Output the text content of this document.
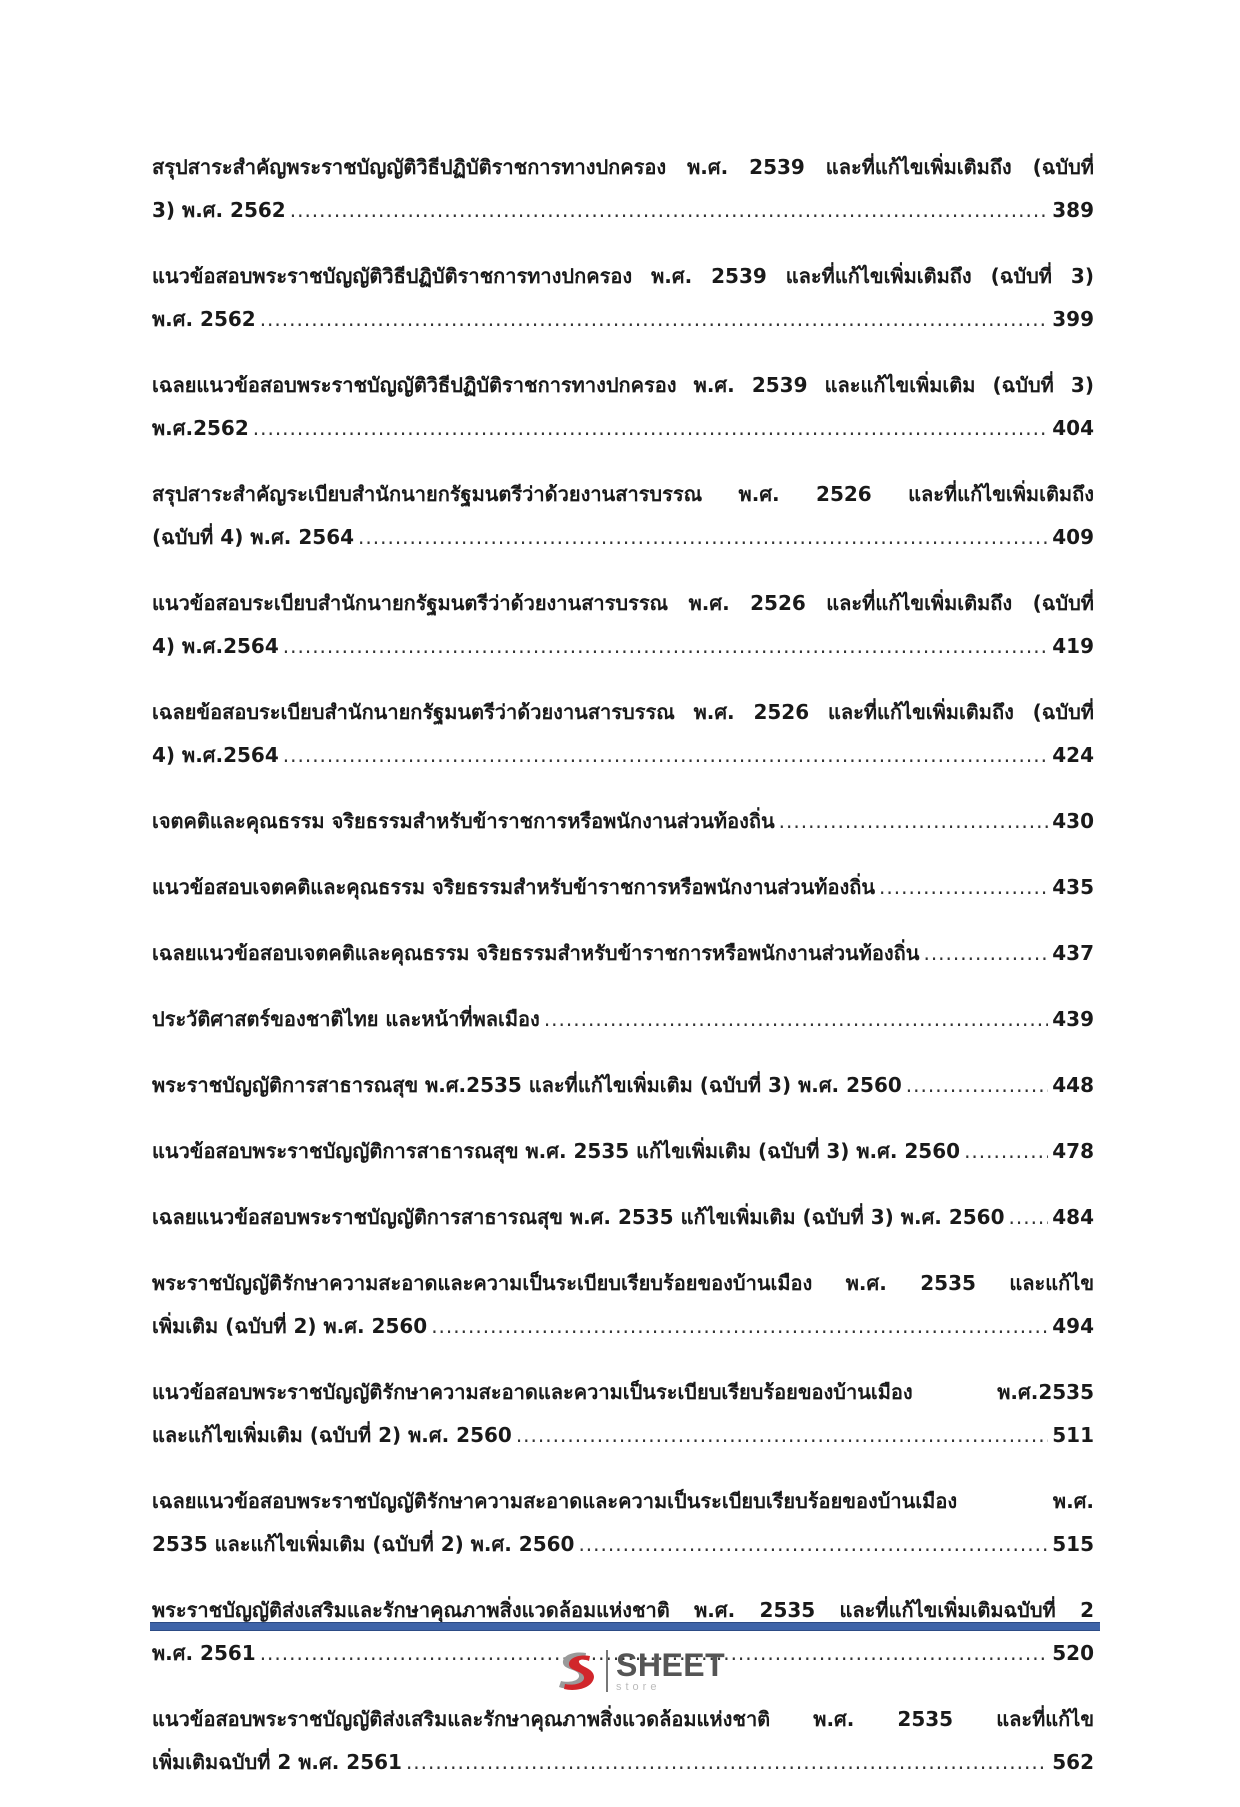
สรุปสาระสำคัญพระราชบัญญัติวิธีปฏิบัติราชการทางปกครอง พ.ศ. 2539 และที่แก้ไขเพิ่มเติมถึง (ฉบับที่
3) พ.ศ. 2562 .....	389
แนวข้อสอบพระราชบัญญัติวิธีปฏิบัติราชการทางปกครอง พ.ศ. 2539 และที่แก้ไขเพิ่มเติมถึง (ฉบับที่ 3)
พ.ศ. 2562 .....	399
เฉลยแนวข้อสอบพระราชบัญญัติวิธีปฏิบัติราชการทางปกครอง พ.ศ. 2539 และแก้ไขเพิ่มเติม (ฉบับที่ 3)
พ.ศ.2562 .....	404
สรุปสาระสำคัญระเบียบสำนักนายกรัฐมนตรีว่าด้วยงานสารบรรณ พ.ศ. 2526 และที่แก้ไขเพิ่มเติมถึง
(ฉบับที่ 4) พ.ศ. 2564 .....	409
แนวข้อสอบระเบียบสำนักนายกรัฐมนตรีว่าด้วยงานสารบรรณ พ.ศ. 2526 และที่แก้ไขเพิ่มเติมถึง (ฉบับที่
4) พ.ศ.2564 .....	419
เฉลยข้อสอบระเบียบสำนักนายกรัฐมนตรีว่าด้วยงานสารบรรณ พ.ศ. 2526 และที่แก้ไขเพิ่มเติมถึง (ฉบับที่
4) พ.ศ.2564 .....	424
เจตคติและคุณธรรม จริยธรรมสำหรับข้าราชการหรือพนักงานส่วนท้องถิ่น .....	430
แนวข้อสอบเจตคติและคุณธรรม จริยธรรมสำหรับข้าราชการหรือพนักงานส่วนท้องถิ่น .....	435
เฉลยแนวข้อสอบเจตคติและคุณธรรม จริยธรรมสำหรับข้าราชการหรือพนักงานส่วนท้องถิ่น .....	437
ประวัติศาสตร์ของชาติไทย และหน้าที่พลเมือง .....	439
พระราชบัญญัติการสาธารณสุข พ.ศ.2535 และที่แก้ไขเพิ่มเติม (ฉบับที่ 3) พ.ศ. 2560 .....	448
แนวข้อสอบพระราชบัญญัติการสาธารณสุข พ.ศ. 2535 แก้ไขเพิ่มเติม (ฉบับที่ 3) พ.ศ. 2560 .....	478
เฉลยแนวข้อสอบพระราชบัญญัติการสาธารณสุข พ.ศ. 2535 แก้ไขเพิ่มเติม (ฉบับที่ 3) พ.ศ. 2560 ..... 484
พระราชบัญญัติรักษาความสะอาดและความเป็นระเบียบเรียบร้อยของบ้านเมือง พ.ศ. 2535 และแก้ไข
เพิ่มเติม (ฉบับที่ 2) พ.ศ. 2560 .....	494
แนวข้อสอบพระราชบัญญัติรักษาความสะอาดและความเป็นระเบียบเรียบร้อยของบ้านเมือง พ.ศ.2535
และแก้ไขเพิ่มเติม (ฉบับที่ 2) พ.ศ. 2560 .....	511
เฉลยแนวข้อสอบพระราชบัญญัติรักษาความสะอาดและความเป็นระเบียบเรียบร้อยของบ้านเมือง พ.ศ.
2535 และแก้ไขเพิ่มเติม (ฉบับที่ 2) พ.ศ. 2560 .....	515
พระราชบัญญัติส่งเสริมและรักษาคุณภาพสิ่งแวดล้อมแห่งชาติ พ.ศ. 2535 และที่แก้ไขเพิ่มเติมฉบับที่ 2
พ.ศ. 2561 .....	520
แนวข้อสอบพระราชบัญญัติส่งเสริมและรักษาคุณภาพสิ่งแวดล้อมแห่งชาติ พ.ศ. 2535 และที่แก้ไข
เพิ่มเติมฉบับที่ 2 พ.ศ. 2561 .....	562
SHEET
store
